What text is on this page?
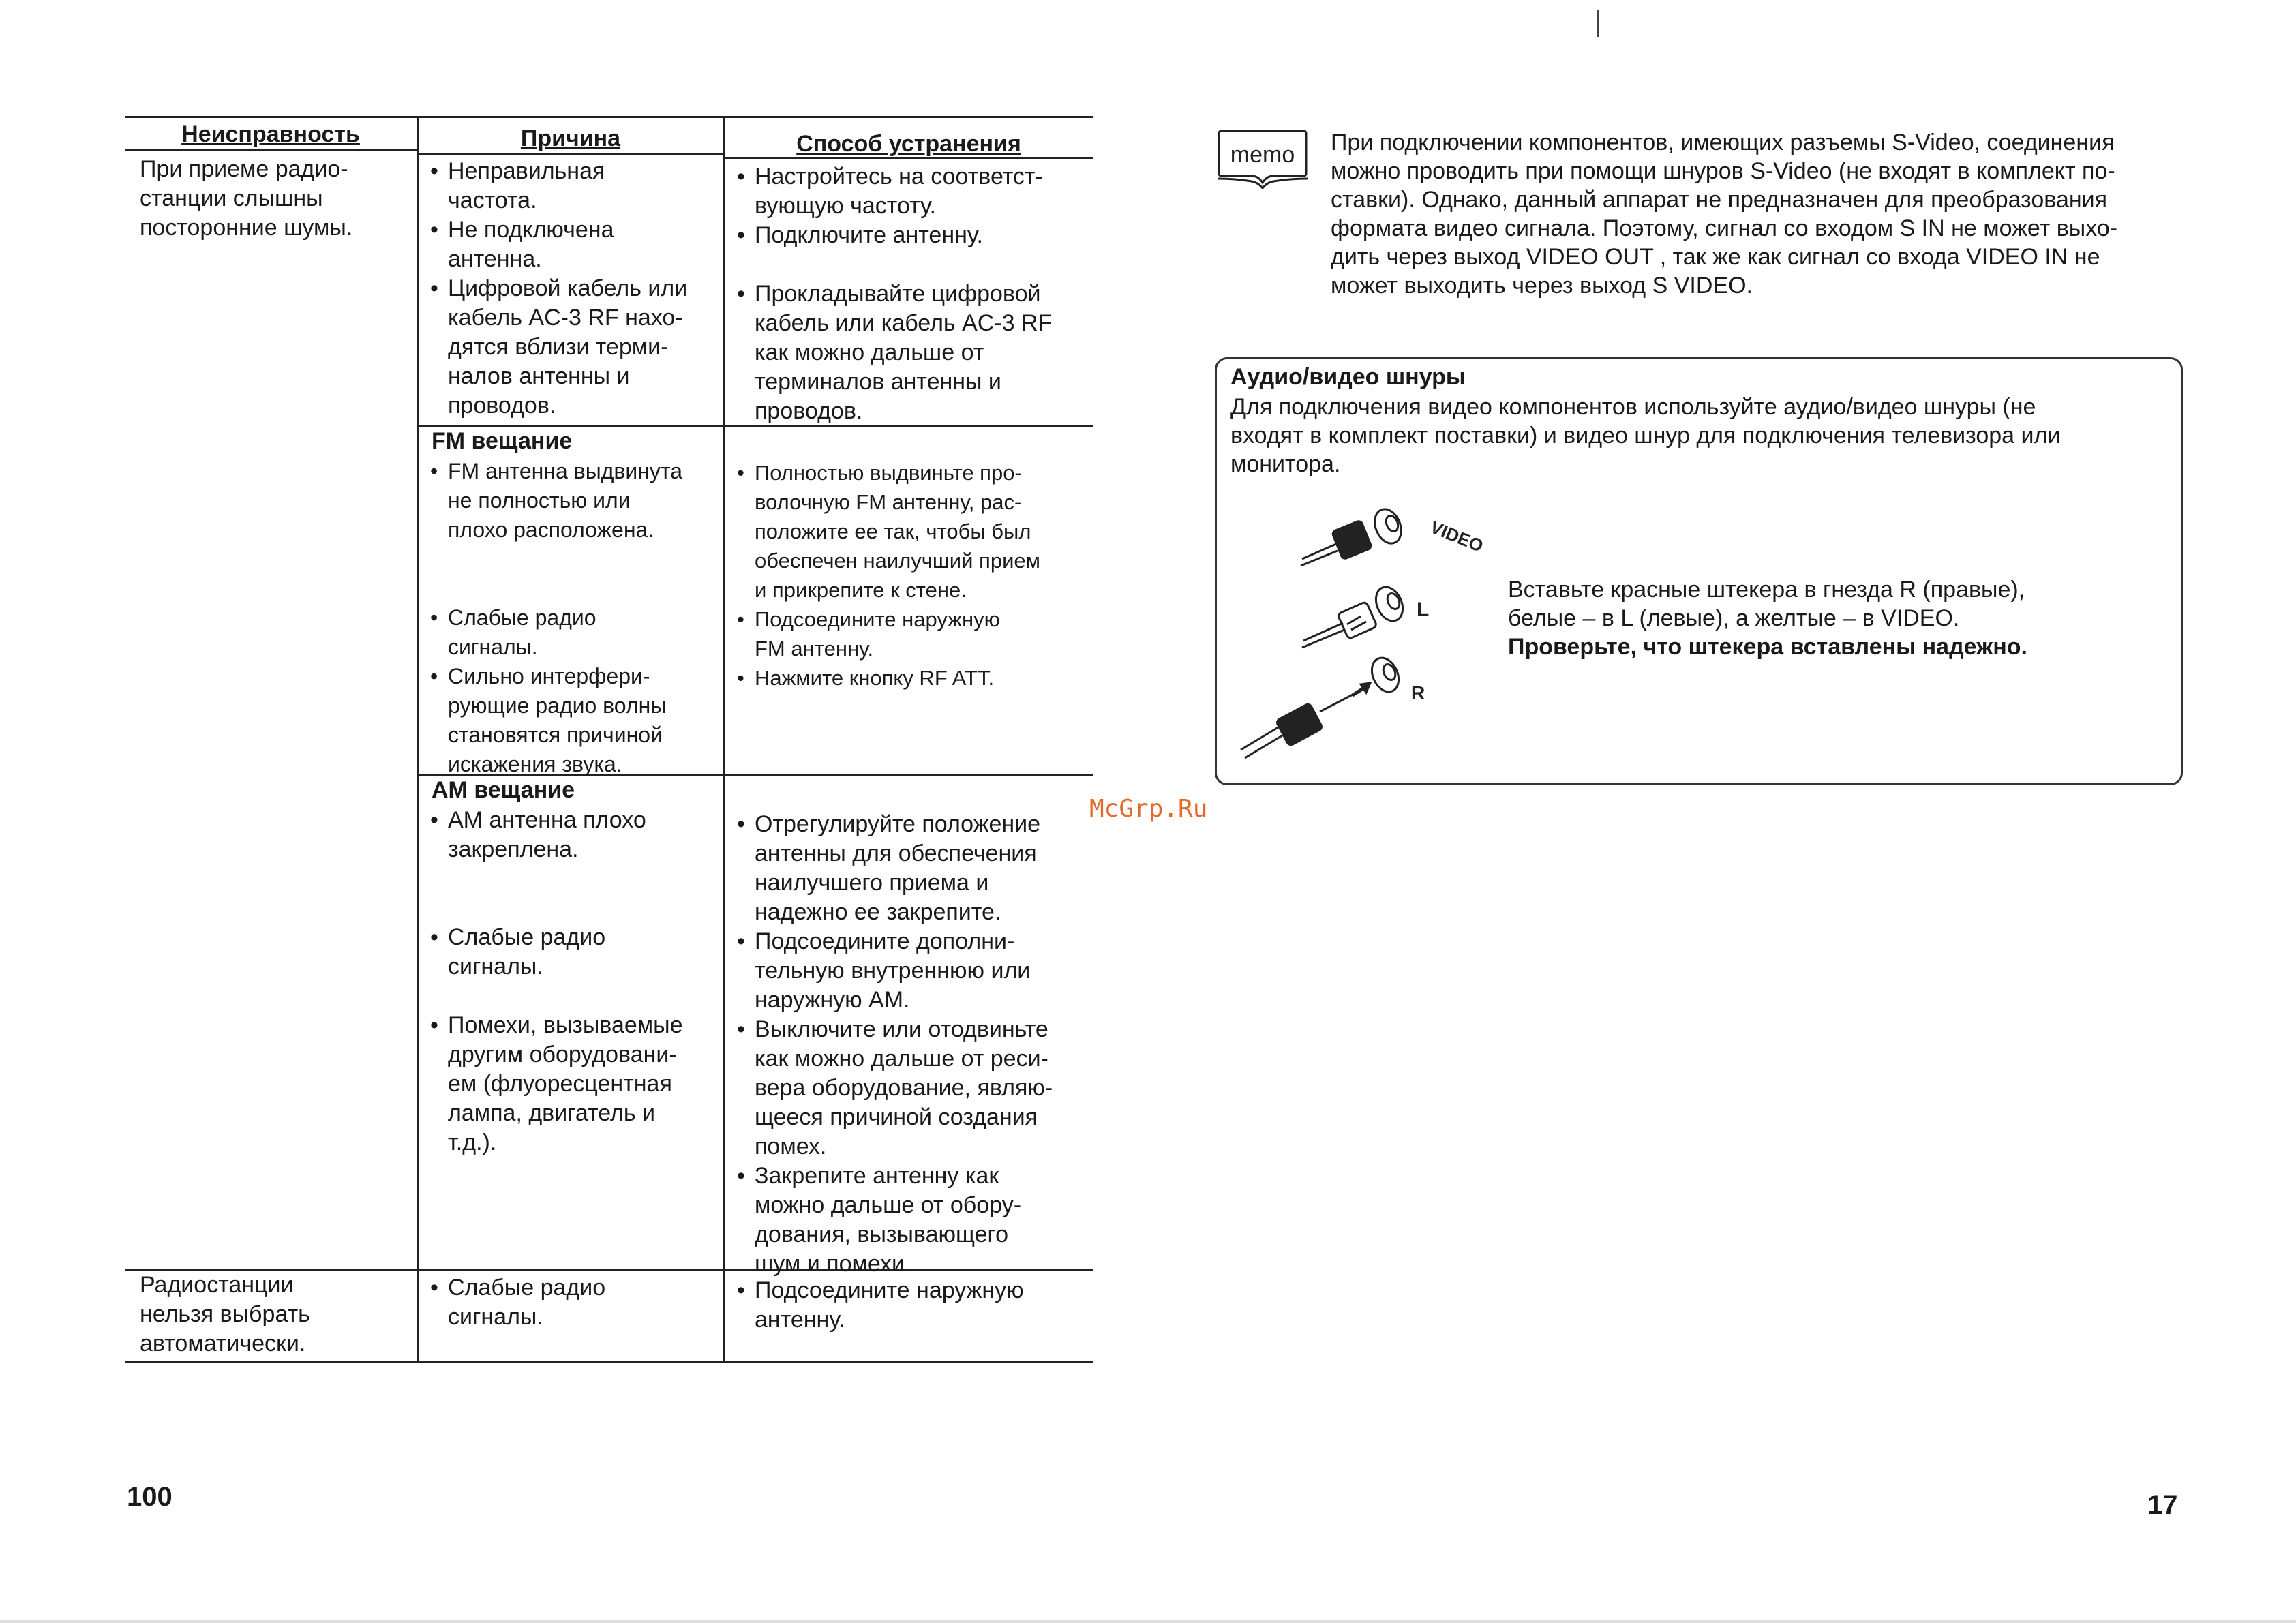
Неисправность	Причина	Способ устранения
При приеме радио-
станции слышны
посторонние шумы.
• Неправильная
частота.
• Не подключена
антенна.
• Цифровой кабель или
кабель AC-3 RF нахо-
дятся вблизи терми-
налов антенны и
проводов.
• Настройтесь на соответст-
вующую частоту.
• Подключите антенну.
• Прокладывайте цифровой
кабель или кабель AC-3 RF
как можно дальше от
терминалов антенны и
проводов.
FM вещание
• FM антенна выдвинута
не полностью или
плохо расположена.
• Слабые радио
сигналы.
• Сильно интерфери-
рующие радио волны
становятся причиной
искажения звука.
• Полностью выдвиньте про-
волочную FM антенну, рас-
положите ее так, чтобы был
обеспечен наилучший прием
и прикрепите к стене.
• Подсоедините наружную
FM антенну.
• Нажмите кнопку RF ATT.
AM вещание
• AM антенна плохо
закреплена.
• Слабые радио
сигналы.
• Помехи, вызываемые
другим оборудовани-
ем (флуоресцентная
лампа, двигатель и
т.д.).
• Отрегулируйте положение
антенны для обеспечения
наилучшего приема и
надежно ее закрепите.
• Подсоедините дополни-
тельную внутреннюю или
наружную AM.
• Выключите или отодвиньте
как можно дальше от реси-
вера оборудование, являю-
щееся причиной создания
помех.
• Закрепите антенну как
можно дальше от обору-
дования, вызывающего
шум и помехи.
Радиостанции
нельзя выбрать
автоматически.
• Слабые радио
сигналы.
• Подсоедините наружную
антенну.
100
memo При подключении компонентов, имеющих разъемы S-Video, соединения
можно проводить при помощи шнуров S-Video (не входят в комплект по-
ставки). Однако, данный аппарат не предназначен для преобразования
формата видео сигнала. Поэтому, сигнал со входом S IN не может выхо-
дить через выход VIDEO OUT , так же как сигнал со входа VIDEO IN не
может выходить через выход S VIDEO.
Аудио/видео шнуры
Для подключения видео компонентов используйте аудио/видео шнуры (не
входят в комплект поставки) и видео шнур для подключения телевизора или
монитора.
VIDEO
L
R
Вставьте красные штекера в гнезда R (правые),
белые – в L (левые), а желтые – в VIDEO.
Проверьте, что штекера вставлены надежно.
McGrp.Ru
17
